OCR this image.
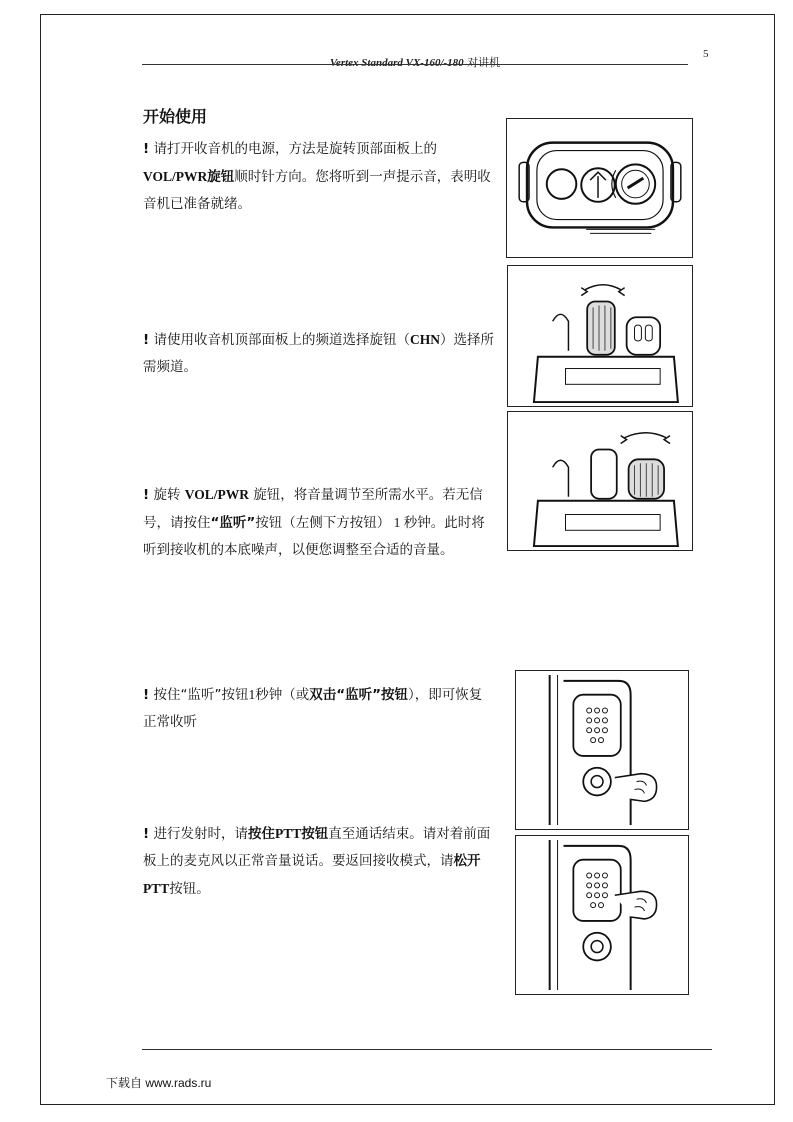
Vertex Standard VX-160/-180 对讲机
5
开始使用
! 请打开收音机的电源，方法是旋转顶部面板上的VOL/PWR旋钮顺时针方向。您将听到一声提示音，表明收音机已准备就绪。
! 请使用收音机顶部面板上的频道选择旋钮（CHN）选择所需频道。
! 旋转 VOL/PWR 旋钮，将音量调节至所需水平。若无信号，请按住“监听”按钮（左侧下方按钮） 1 秒钟。此时将听到接收机的本底噪声，以便您调整至合适的音量。
! 按住“监听”按钮1秒钟（或双击“监听”按钮），即可恢复正常收听
! 进行发射时，请按住PTT按钮直至通话结束。请对着前面板上的麦克风以正常音量说话。要返回接收模式，请松开PTT按钮。
下载自 www.rads.ru
